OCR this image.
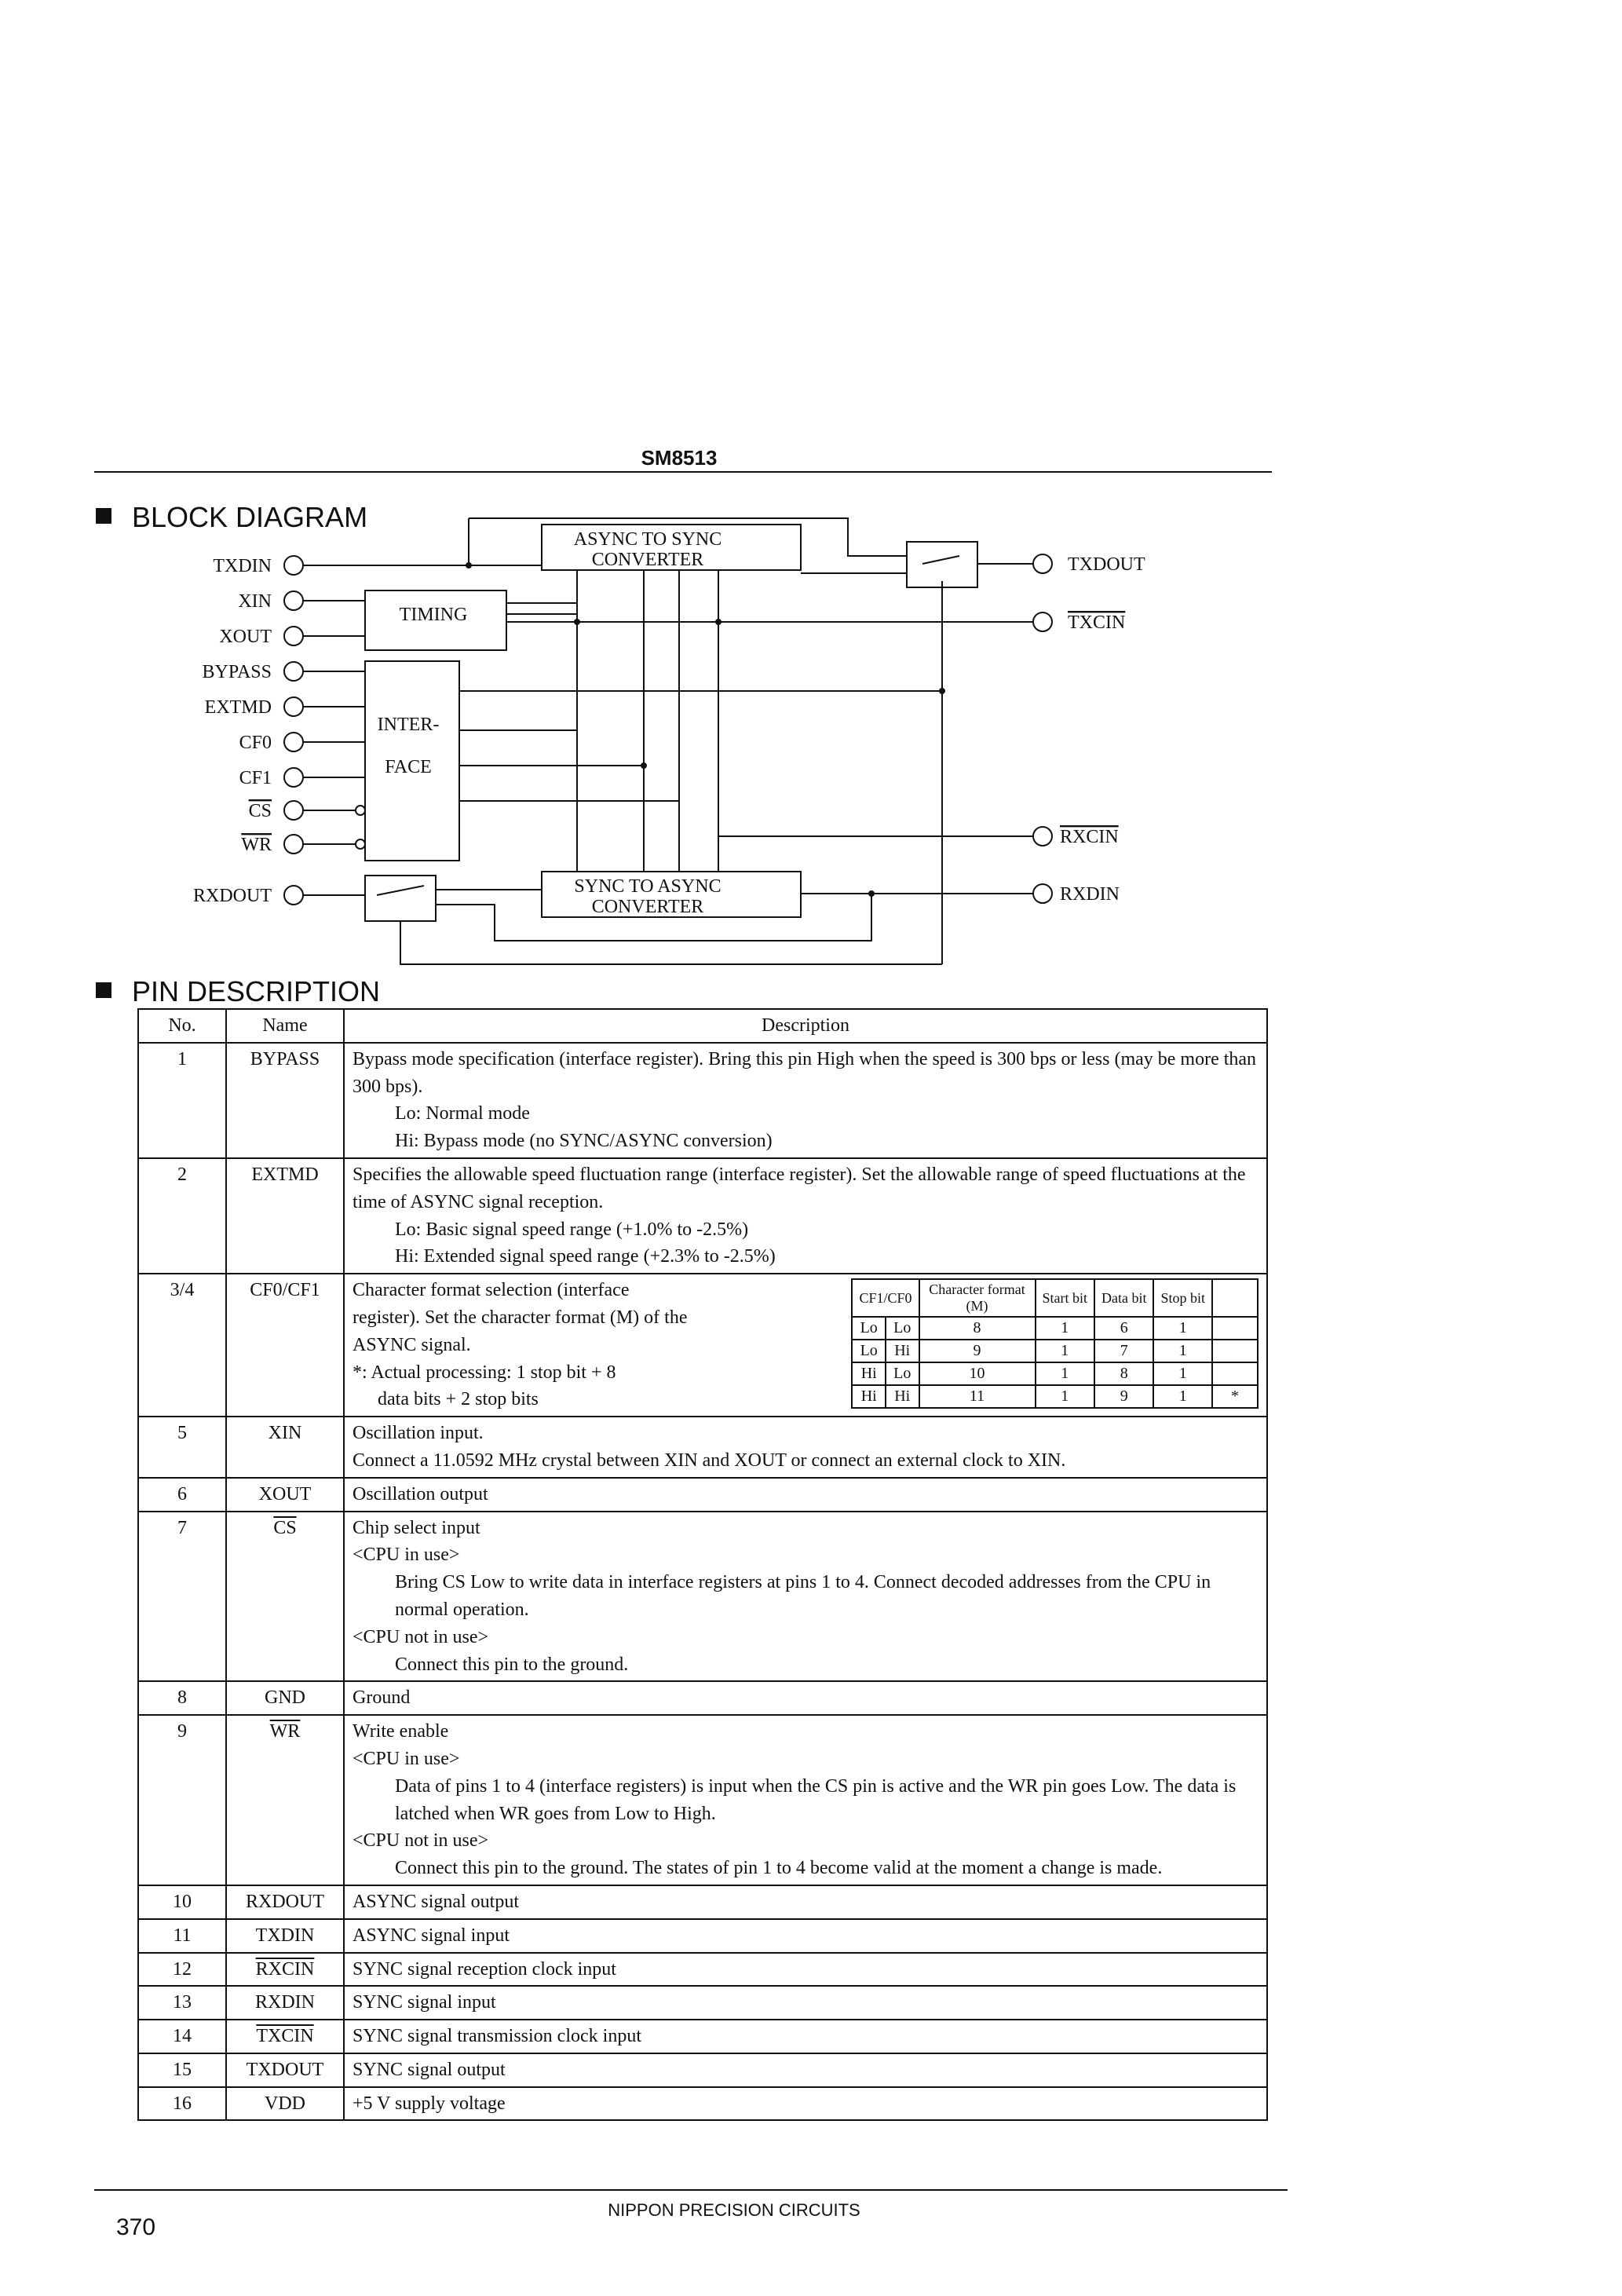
SM8513
BLOCK DIAGRAM
TXDIN
XIN
XOUT
BYPASS
EXTMD
CF0
CF1
CS
WR
RXDOUT
TXDOUT
TXCIN
RXCIN
RXDIN
ASYNC TO SYNC
CONVERTER
TIMING
INTER-
FACE
SYNC TO ASYNC
CONVERTER
PIN DESCRIPTION
No.	Name	Description
1	BYPASS	Bypass mode specification (interface register). Bring this pin High when the speed is 300 bps or less (may be more than 300 bps).
Lo: Normal mode
Hi: Bypass mode (no SYNC/ASYNC conversion)

2	EXTMD	Specifies the allowable speed fluctuation range (interface register). Set the allowable range of speed fluctuations at the time of ASYNC signal reception.
Lo: Basic signal speed range (+1.0% to -2.5%)
Hi: Extended signal speed range (+2.3% to -2.5%)

3/4	CF0/CF1	Character format selection (interface register). Set the character format (M) of the ASYNC signal.
*: Actual processing: 1 stop bit + 8
data bits + 2 stop bits
CF1/CF0	Character format (M)	Start bit	Data bit	Stop bit	
Lo	Lo	8	1	6	1	
Lo	Hi	9	1	7	1	
Hi	Lo	10	1	8	1	
Hi	Hi	11	1	9	1	*

5	XIN	Oscillation input.
Connect a 11.0592 MHz crystal between XIN and XOUT or connect an external clock to XIN.

6	XOUT	Oscillation output
7	$\overline{CS}$	Chip select input
<CPU in use>
Bring CS Low to write data in interface registers at pins 1 to 4. Connect decoded addresses from the CPU in normal operation.
<CPU not in use>
Connect this pin to the ground.

8	GND	Ground
9	$\overline{WR}$	Write enable
<CPU in use>
Data of pins 1 to 4 (interface registers) is input when the CS pin is active and the WR pin goes Low. The data is latched when WR goes from Low to High.
<CPU not in use>
Connect this pin to the ground. The states of pin 1 to 4 become valid at the moment a change is made.

10	RXDOUT	ASYNC signal output
11	TXDIN	ASYNC signal input
12	RXCIN	SYNC signal reception clock input
13	RXDIN	SYNC signal input
14	TXCIN	SYNC signal transmission clock input
15	TXDOUT	SYNC signal output
16	VDD	+5 V supply voltage
370
NIPPON PRECISION CIRCUITS
